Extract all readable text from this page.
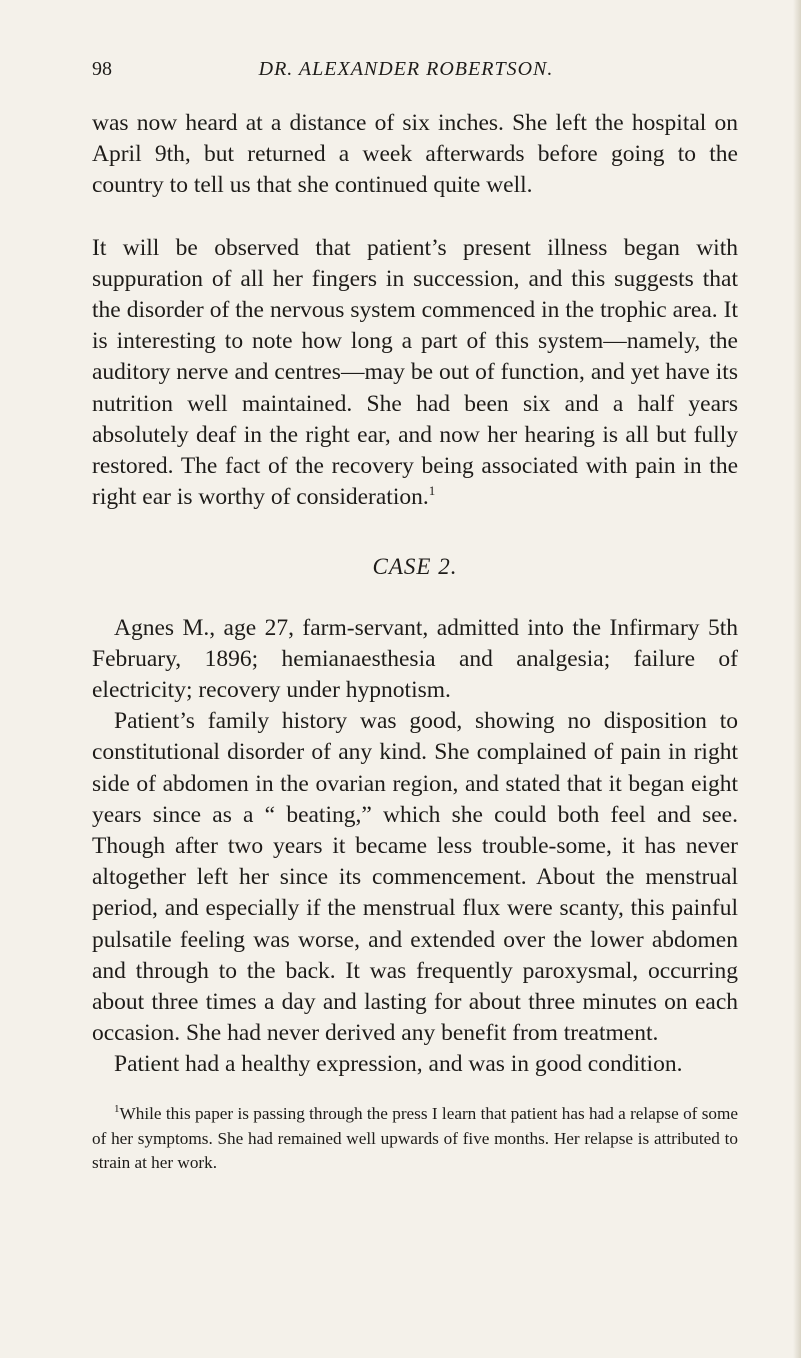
98	DR. ALEXANDER ROBERTSON.

was now heard at a distance of six inches. She left the hospital on April 9th, but returned a week afterwards before going to the country to tell us that she continued quite well.

It will be observed that patient’s present illness began with suppuration of all her fingers in succession, and this suggests that the disorder of the nervous system commenced in the trophic area. It is interesting to note how long a part of this system—namely, the auditory nerve and centres—may be out of function, and yet have its nutrition well maintained. She had been six and a half years absolutely deaf in the right ear, and now her hearing is all but fully restored. The fact of the recovery being associated with pain in the right ear is worthy of consideration.$^1$

CASE 2.

Agnes M., age 27, farm-servant, admitted into the Infirmary 5th February, 1896; hemianaesthesia and analgesia; failure of electricity; recovery under hypnotism.

Patient’s family history was good, showing no disposition to constitutional disorder of any kind. She complained of pain in right side of abdomen in the ovarian region, and stated that it began eight years since as a “ beating,” which she could both feel and see. Though after two years it became less trouble-some, it has never altogether left her since its commencement. About the menstrual period, and especially if the menstrual flux were scanty, this painful pulsatile feeling was worse, and extended over the lower abdomen and through to the back. It was frequently paroxysmal, occurring about three times a day and lasting for about three minutes on each occasion. She had never derived any benefit from treatment.

Patient had a healthy expression, and was in good condition.

$^1$While this paper is passing through the press I learn that patient has had a relapse of some of her symptoms. She had remained well upwards of five months. Her relapse is attributed to strain at her work.
